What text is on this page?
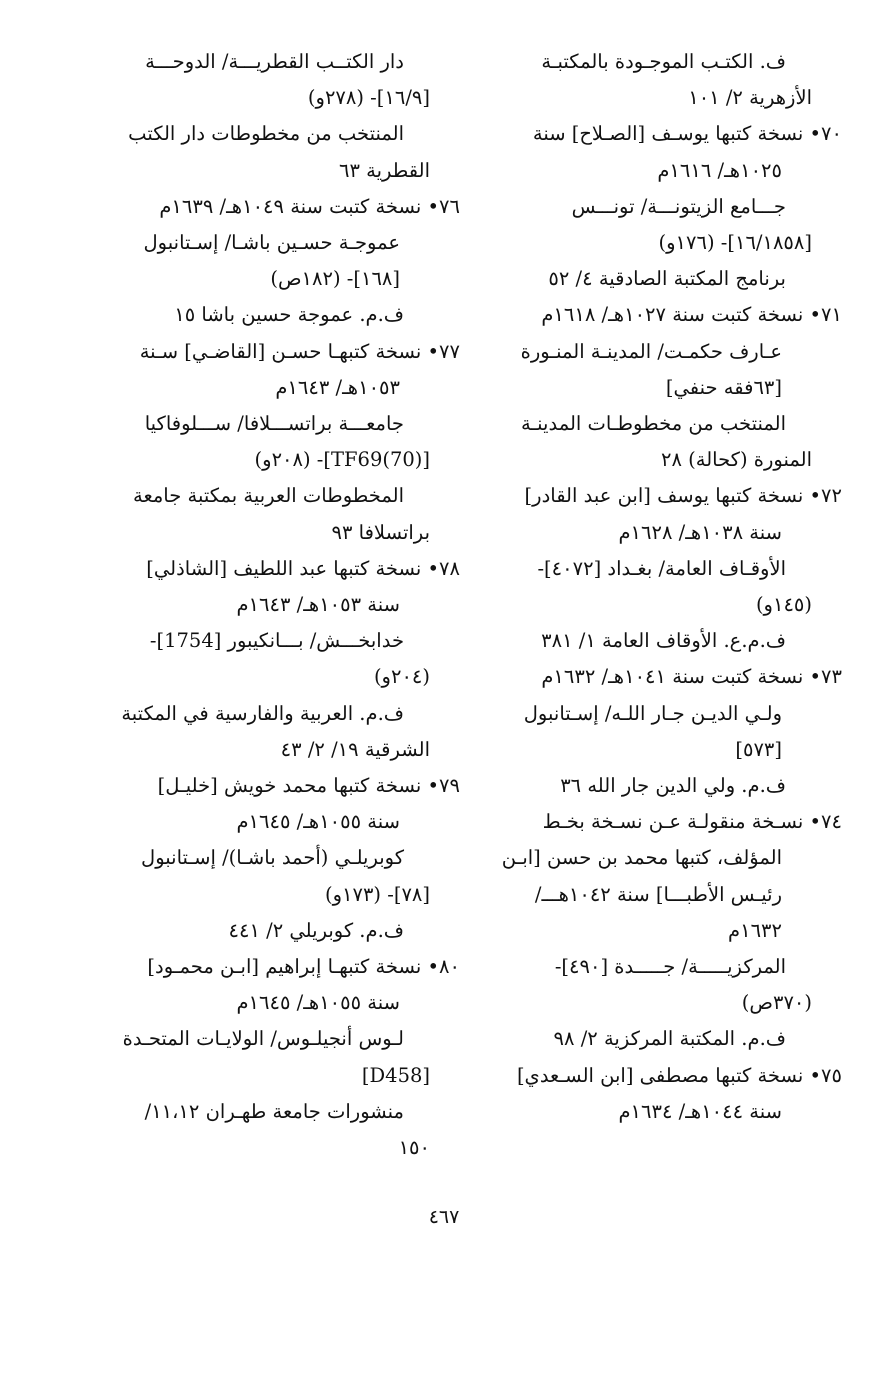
ف. الكتـب الموجـودة بالمكتبـة
الأزهرية ٢/ ١٠١
٧٠• نسخة كتبها يوسـف [الصـلاح] سنة
١٠٢٥هـ/ ١٦١٦م
جـــامع الزيتونـــة/ تونـــس
[١٦/١٨٥٨]- (١٧٦و)
برنامج المكتبة الصادقية ٤/ ٥٢
٧١• نسخة كتبت سنة ١٠٢٧هـ/ ١٦١٨م
عـارف حكمـت/ المدينـة المنـورة
[٦٣فقه حنفي]
المنتخب من مخطوطـات المدينـة
المنورة (كحالة) ٢٨
٧٢• نسخة كتبها يوسف [ابن عبد القادر]
سنة ١٠٣٨هـ/ ١٦٢٨م
الأوقـاف العامة/ بغـداد [٤٠٧٢]-
(١٤٥و)
ف.م.ع. الأوقاف العامة ١/ ٣٨١
٧٣• نسخة كتبت سنة ١٠٤١هـ/ ١٦٣٢م
ولـي الديـن جـار اللـه/ إسـتانبول
[٥٧٣]
ف.م. ولي الدين جار الله ٣٦
٧٤• نسـخة منقولـة عـن نسـخة بخـط
المؤلف، كتبها محمد بن حسن [ابـن
رئيـس الأطبـــا] سنة ١٠٤٢هـــ/
١٦٣٢م
المركزيـــــة/ جـــــدة [٤٩٠]-
(٣٧٠ص)
ف.م. المكتبة المركزية ٢/ ٩٨
٧٥• نسخة كتبها مصطفى [ابن السـعدي]
سنة ١٠٤٤هـ/ ١٦٣٤م
دار الكتــب القطريـــة/ الدوحـــة
[١٦/٩]- (٢٧٨و)
المنتخب من مخطوطات دار الكتب
القطرية ٦٣
٧٦• نسخة كتبت سنة ١٠٤٩هـ/ ١٦٣٩م
عموجـة حسـين باشـا/ إسـتانبول
[١٦٨]- (١٨٢ص)
ف.م. عموجة حسين باشا ١٥
٧٧• نسخة كتبهـا حسـن [القاضـي] سـنة
١٠٥٣هـ/ ١٦٤٣م
جامعـــة براتســـلافا/ ســـلوفاكيا
[TF69(70)]- (٢٠٨و)
المخطوطات العربية بمكتبة جامعة
براتسلافا ٩٣
٧٨• نسخة كتبها عبد اللطيف [الشاذلي]
سنة ١٠٥٣هـ/ ١٦٤٣م
خدابخـــش/ بـــانكيبور [1754]-
(٢٠٤و)
ف.م. العربية والفارسية في المكتبة
الشرقية ١٩/ ٢/ ٤٣
٧٩• نسخة كتبها محمد خويش [خليـل]
سنة ١٠٥٥هـ/ ١٦٤٥م
كوبريلـي (أحمد باشـا)/ إسـتانبول
[٧٨]- (١٧٣و)
ف.م. كوبريلي ٢/ ٤٤١
٨٠• نسخة كتبهـا إبراهيم [ابـن محمـود]
سنة ١٠٥٥هـ/ ١٦٤٥م
لـوس أنجيلـوس/ الولايـات المتحـدة
[D458]
منشورات جامعة طهـران ١١،١٢/
١٥٠
٤٦٧
